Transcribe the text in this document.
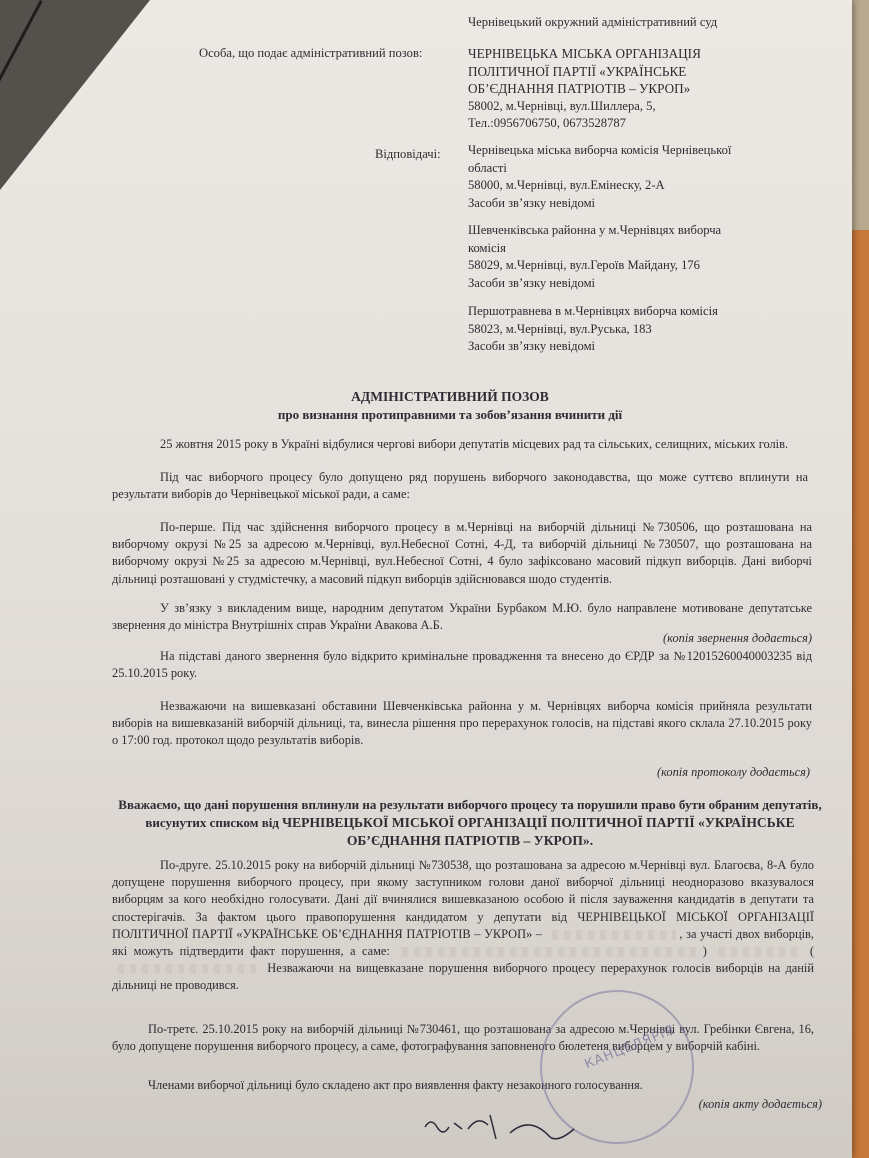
Чернівецький окружний адміністративний суд
Особа, що подає адміністративний позов:	ЧЕРНІВЕЦЬКА МІСЬКА ОРГАНІЗАЦІЯ
ПОЛІТИЧНОЇ ПАРТІЇ «УКРАЇНСЬКЕ
ОБ’ЄДНАННЯ ПАТРІОТІВ – УКРОП»
58002, м.Чернівці, вул.Шиллера, 5,
Тел.:0956706750, 0673528787
Відповідачі: Чернівецька міська виборча комісія Чернівецької
області
58000, м.Чернівці, вул.Емінеску, 2-А
Засоби зв’язку невідомі
Шевченківська районна у м.Чернівцях виборча
комісія
58029, м.Чернівці, вул.Героїв Майдану, 176
Засоби зв’язку невідомі
Першотравнева в м.Чернівцях виборча комісія
58023, м.Чернівці, вул.Руська, 183
Засоби зв’язку невідомі
АДМІНІСТРАТИВНИЙ ПОЗОВ
про визнання протиправними та зобов’язання вчинити дії
25 жовтня 2015 року в Україні відбулися чергові вибори депутатів місцевих рад та сільських, селищних, міських голів.
Під час виборчого процесу було допущено ряд порушень виборчого законодавства, що може суттєво вплинути на результати виборів до Чернівецької міської ради, а саме:
По-перше. Під час здійснення виборчого процесу в м.Чернівці на виборчій дільниці №730506, що розташована на виборчому окрузі №25 за адресою м.Чернівці, вул.Небесної Сотні, 4-Д, та виборчій дільниці №730507, що розташована на виборчому окрузі №25 за адресою м.Чернівці, вул.Небесної Сотні, 4 було зафіксовано масовий підкуп виборців. Дані виборчі дільниці розташовані у студмістечку, а масовий підкуп виборців здійснювався шодо студентів.
У зв’язку з викладеним вище, народним депутатом України Бурбаком М.Ю. було направлене мотивоване депутатське звернення до міністра Внутрішніх справ України Авакова А.Б.
(копія звернення додається)
На підставі даного звернення було відкрито кримінальне провадження та внесено до ЄРДР за №12015260040003235 від 25.10.2015 року.
Незважаючи на вишевказані обставини Шевченківська районна у м. Чернівцях виборча комісія прийняла результати виборів на вишевказаній виборчій дільниці, та, винесла рішення про перерахунок голосів, на підставі якого склала 27.10.2015 року о 17:00 год. протокол щодо результатів виборів.
(копія протоколу додається)
Вважаємо, що дані порушення вплинули на результати виборчого процесу та порушили право бути обраним депутатів, висунутих списком від ЧЕРНІВЕЦЬКОЇ МІСЬКОЇ ОРГАНІЗАЦІЇ ПОЛІТИЧНОЇ ПАРТІЇ «УКРАЇНСЬКЕ ОБ’ЄДНАННЯ ПАТРІОТІВ – УКРОП».
По-друге. 25.10.2015 року на виборчій дільниці №730538, що розташована за адресою м.Чернівці вул. Благоєва, 8-А було допущене порушення виборчого процесу, при якому заступником голови даної виборчої дільниці неодноразово вказувалося виборцям за кого необхідно голосувати. Дані дії вчинялися вишевказаною особою й після зауваження кандидатів в депутати та спостерігачів. За фактом цього правопорушення кандидатом у депутати від ЧЕРНІВЕЦЬКОЇ МІСЬКОЇ ОРГАНІЗАЦІЇ ПОЛІТИЧНОЇ ПАРТІЇ «УКРАЇНСЬКЕ ОБ’ЄДНАННЯ ПАТРІОТІВ – УКРОП» –	, за участі двох виборців, які можуть підтвердити факт порушення, а саме:	)	(  Незважаючи на вищевказане порушення виборчого процесу перерахунок голосів виборців на даній дільниці не проводився.
По-третє. 25.10.2015 року на виборчій дільниці №730461, що розташована за адресою м.Чернівці вул. Гребінки Євгена, 16, було допущене порушення виборчого процесу, а саме, фотографування заповненого бюлетеня виборцем у виборчій кабіні.
Членами виборчої дільниці було складено акт про виявлення факту незаконного голосування.
(копія акту додається)
КАНЦЕЛЯРІЯ
